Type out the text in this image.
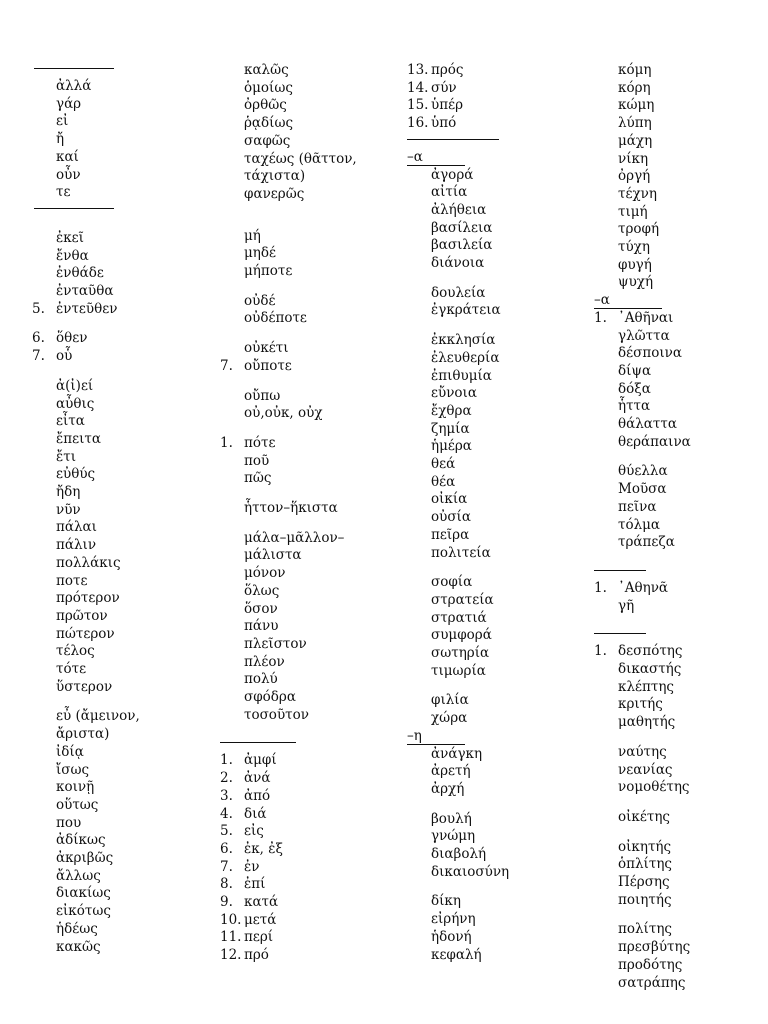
ἀλλά
γάρ
εἰ
ἤ
καί
οὖν
τε
ἐκεῖ
ἔνθα
ἐνθάδε
ἐνταῦθα
5. ἐντεῦθεν
6. ὅθεν
7. οὗ
ἀ(ἰ)εί
αὖθις
εἶτα
ἔπειτα
ἔτι
εὐθύς
ἤδη
νῦν
πάλαι
πάλιν
πολλάκις
ποτε
πρότερον
πρῶτον
πώτερον
τέλος
τότε
ὕστερον
εὖ (ἄμεινον,
ἄριστα)
ἰδίᾳ
ἴσως
κοινῇ
οὕτως
που
ἀδίκως
ἀκριβῶς
ἄλλως
διακίως
εἰκότως
ἡδέως
κακῶς
καλῶς
ὁμοίως
ὀρθῶς
ῥᾳδίως
σαφῶς
ταχέως (θᾶττον,
τάχιστα)
φανερῶς
μή
μηδέ
μήποτε
οὐδέ
οὐδέποτε
οὐκέτι
7. οὔποτε
οὔπω
οὐ,οὐκ, οὐχ
1. πότε
ποῦ
πῶς
ἧττον–ἥκιστα
μάλα–μᾶλλον–
μάλιστα
μόνον
ὅλως
ὅσον
πάνυ
πλεῖστον
πλέον
πολύ
σφόδρα
τοσοῦτον
1. ἀμφί
2. ἀνά
3. ἀπό
4. διά
5. εἰς
6. ἐκ, ἐξ
7. ἐν
8. ἐπί
9. κατά
10. μετά
11. περί
12. πρό
13. πρός
14. σύν
15. ὑπέρ
16. ὑπό
–α
ἀγορά
αἰτία
ἀλήθεια
βασίλεια
βασιλεία
διάνοια
δουλεία
ἐγκράτεια
ἐκκλησία
ἐλευθερία
ἐπιθυμία
εὔνοια
ἔχθρα
ζημία
ἡμέρα
θεά
θέα
οἰκία
οὐσία
πεῖρα
πολιτεία
σοφία
στρατεία
στρατιά
συμφορά
σωτηρία
τιμωρία
φιλία
χώρα
–η
ἀνάγκη
ἀρετή
ἀρχή
βουλή
γνώμη
διαβολή
δικαιοσύνη
δίκη
εἰρήνη
ἡδονή
κεφαλή
κόμη
κόρη
κώμη
λύπη
μάχη
νίκη
ὀργή
τέχνη
τιμή
τροφή
τύχη
φυγή
ψυχή
–α
1. ᾿Αθῆναι
γλῶττα
δέσποινα
δίψα
δόξα
ἧττα
θάλαττα
θεράπαινα
θύελλα
Μοῦσα
πεῖνα
τόλμα
τράπεζα
1. ᾿Αθηνᾶ
γῆ
1. δεσπότης
δικαστής
κλέπτης
κριτής
μαθητής
ναύτης
νεανίας
νομοθέτης
οἰκέτης
οἰκητής
ὁπλίτης
Πέρσης
ποιητής
πολίτης
πρεσβύτης
προδότης
σατράπης
